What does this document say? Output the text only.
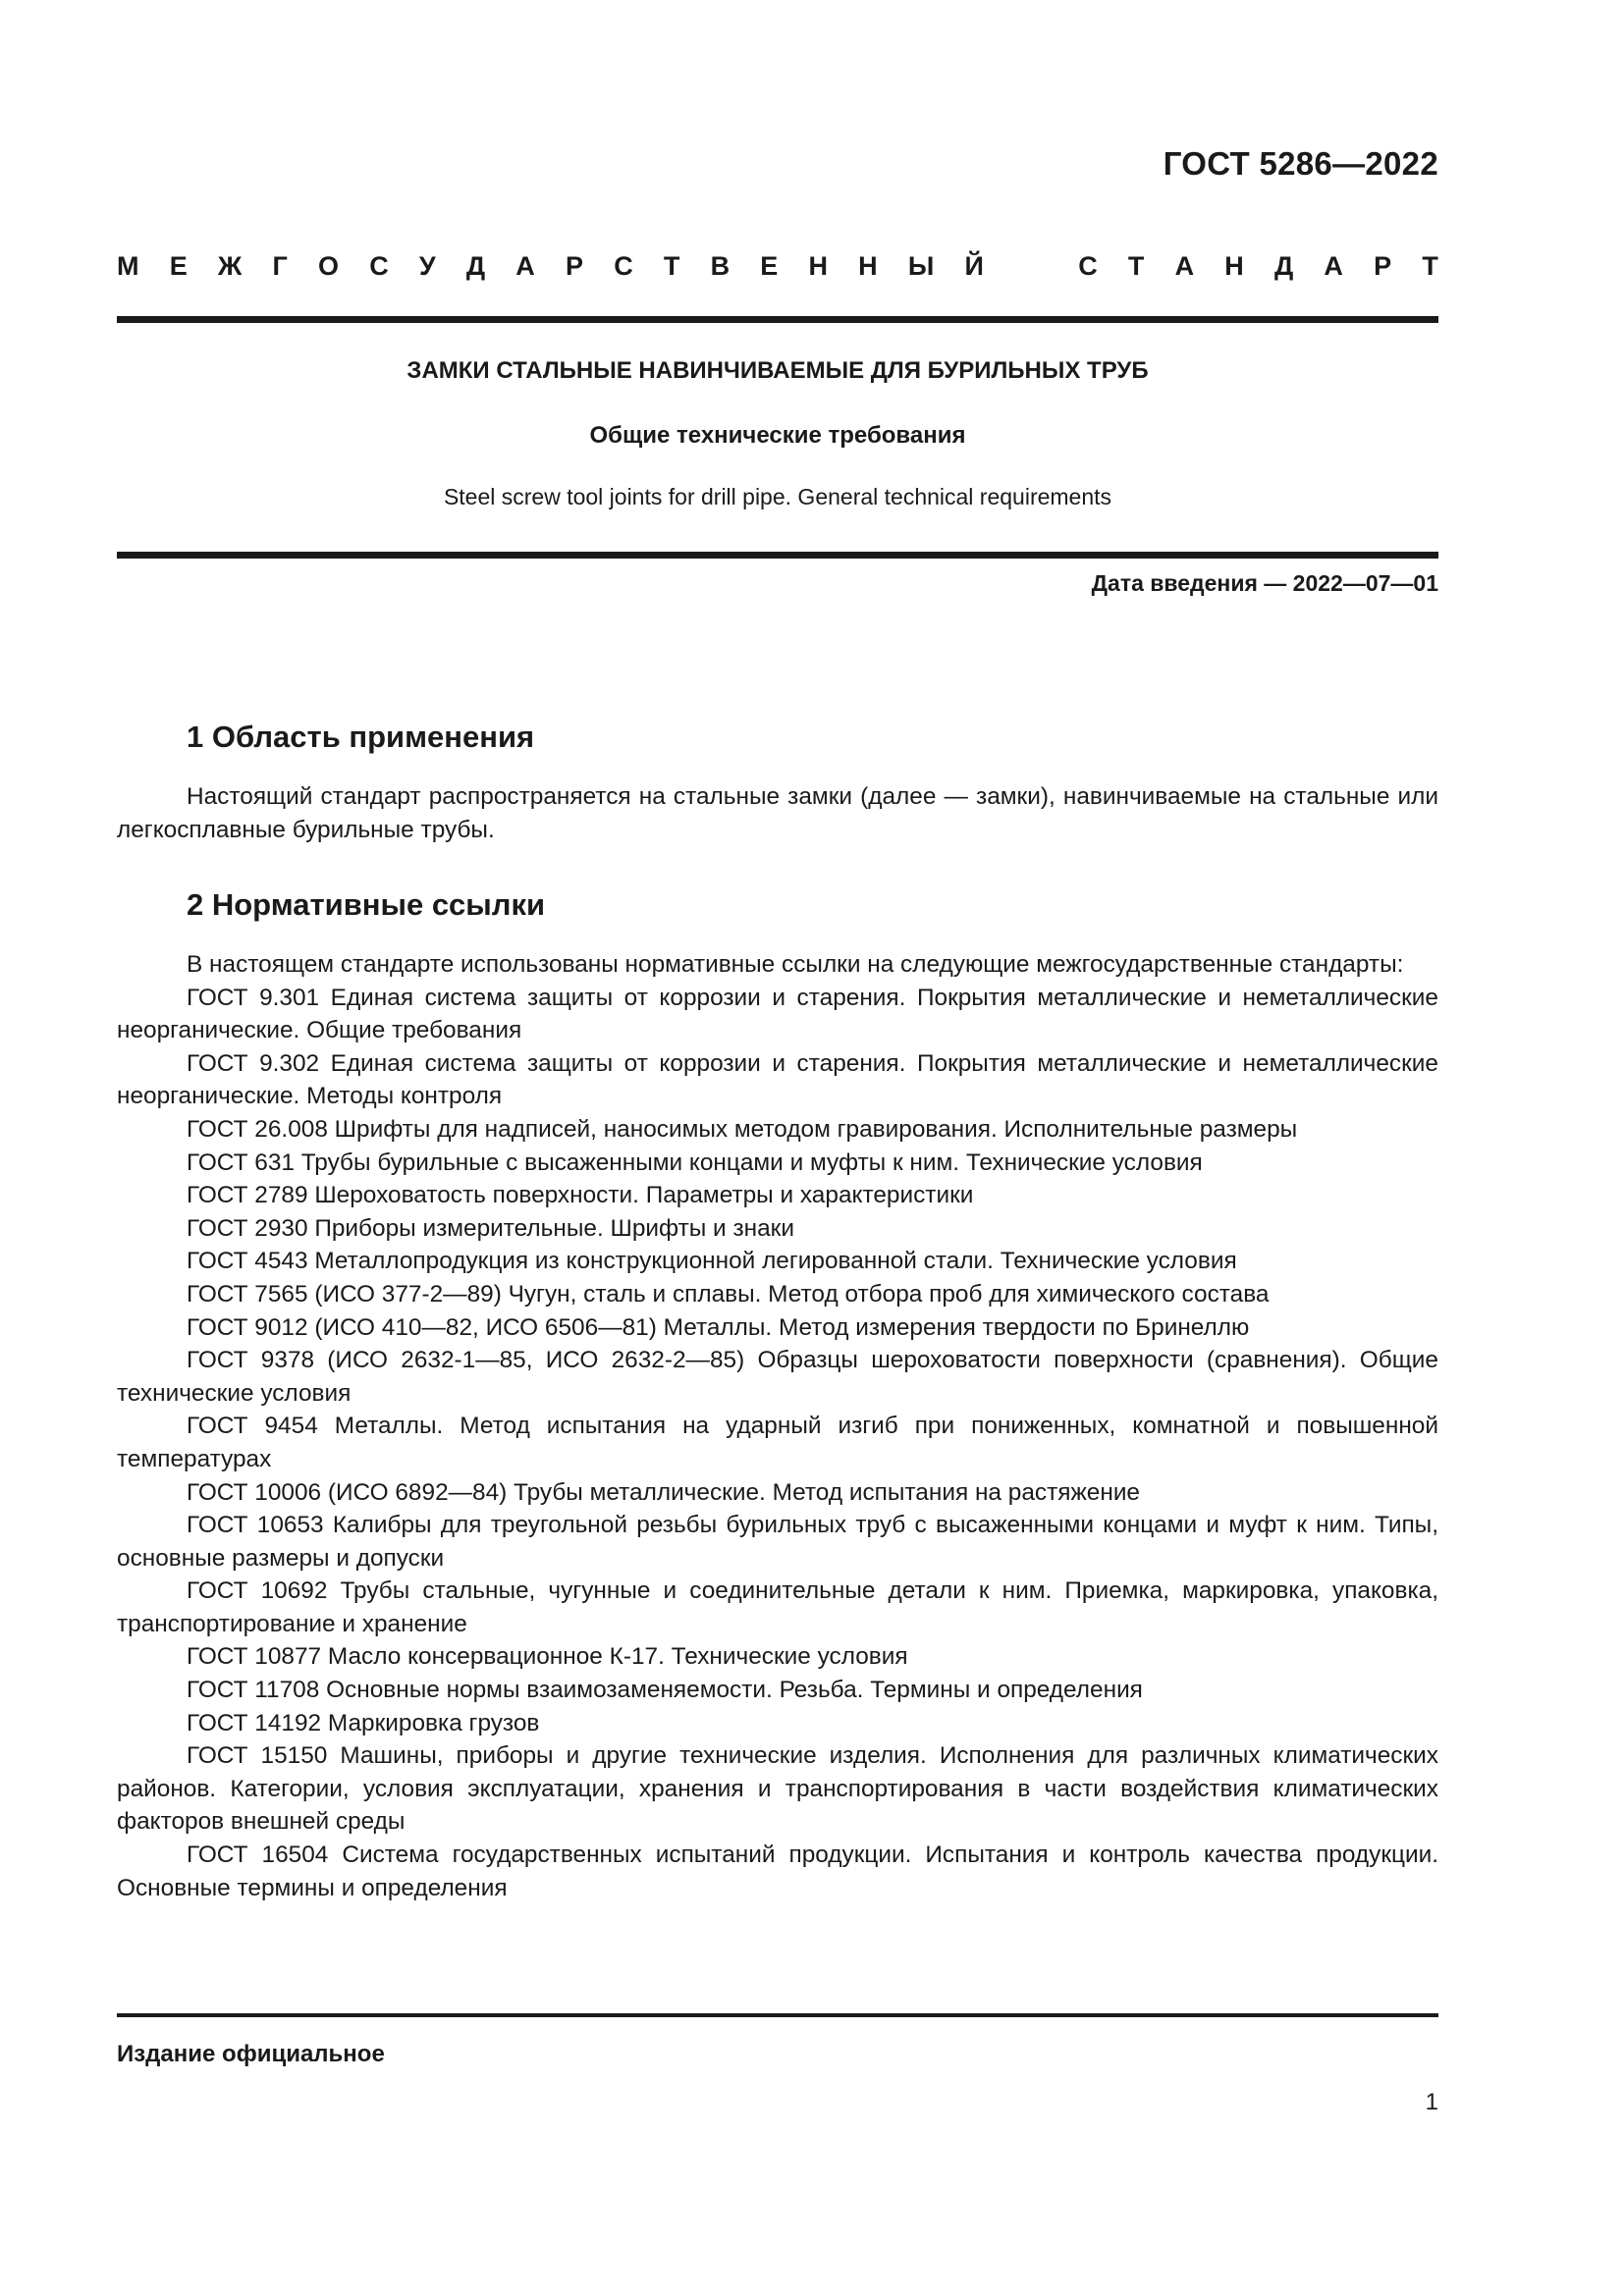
ГОСТ 5286—2022
М Е Ж Г О С У Д А Р С Т В Е Н Н Ы Й	С Т А Н Д А Р Т
ЗАМКИ СТАЛЬНЫЕ НАВИНЧИВАЕМЫЕ ДЛЯ БУРИЛЬНЫХ ТРУБ
Общие технические требования
Steel screw tool joints for drill pipe. General technical requirements
Дата введения — 2022—07—01
1 Область применения

Настоящий стандарт распространяется на стальные замки (далее — замки), навинчиваемые на стальные или легкосплавные бурильные трубы.

2 Нормативные ссылки

В настоящем стандарте использованы нормативные ссылки на следующие межгосударственные стандарты:

ГОСТ 9.301 Единая система защиты от коррозии и старения. Покрытия металлические и неметаллические неорганические. Общие требования

ГОСТ 9.302 Единая система защиты от коррозии и старения. Покрытия металлические и неметаллические неорганические. Методы контроля

ГОСТ 26.008 Шрифты для надписей, наносимых методом гравирования. Исполнительные размеры

ГОСТ 631 Трубы бурильные с высаженными концами и муфты к ним. Технические условия

ГОСТ 2789 Шероховатость поверхности. Параметры и характеристики

ГОСТ 2930 Приборы измерительные. Шрифты и знаки

ГОСТ 4543 Металлопродукция из конструкционной легированной стали. Технические условия

ГОСТ 7565 (ИСО 377-2—89) Чугун, сталь и сплавы. Метод отбора проб для химического состава

ГОСТ 9012 (ИСО 410—82, ИСО 6506—81) Металлы. Метод измерения твердости по Бринеллю

ГОСТ 9378 (ИСО 2632-1—85, ИСО 2632-2—85) Образцы шероховатости поверхности (сравнения). Общие технические условия

ГОСТ 9454 Металлы. Метод испытания на ударный изгиб при пониженных, комнатной и повышенной температурах

ГОСТ 10006 (ИСО 6892—84) Трубы металлические. Метод испытания на растяжение

ГОСТ 10653 Калибры для треугольной резьбы бурильных труб с высаженными концами и муфт к ним. Типы, основные размеры и допуски

ГОСТ 10692 Трубы стальные, чугунные и соединительные детали к ним. Приемка, маркировка, упаковка, транспортирование и хранение

ГОСТ 10877 Масло консервационное К-17. Технические условия

ГОСТ 11708 Основные нормы взаимозаменяемости. Резьба. Термины и определения

ГОСТ 14192 Маркировка грузов

ГОСТ 15150 Машины, приборы и другие технические изделия. Исполнения для различных климатических районов. Категории, условия эксплуатации, хранения и транспортирования в части воздействия климатических факторов внешней среды

ГОСТ 16504 Система государственных испытаний продукции. Испытания и контроль качества продукции. Основные термины и определения

Издание официальное
1
